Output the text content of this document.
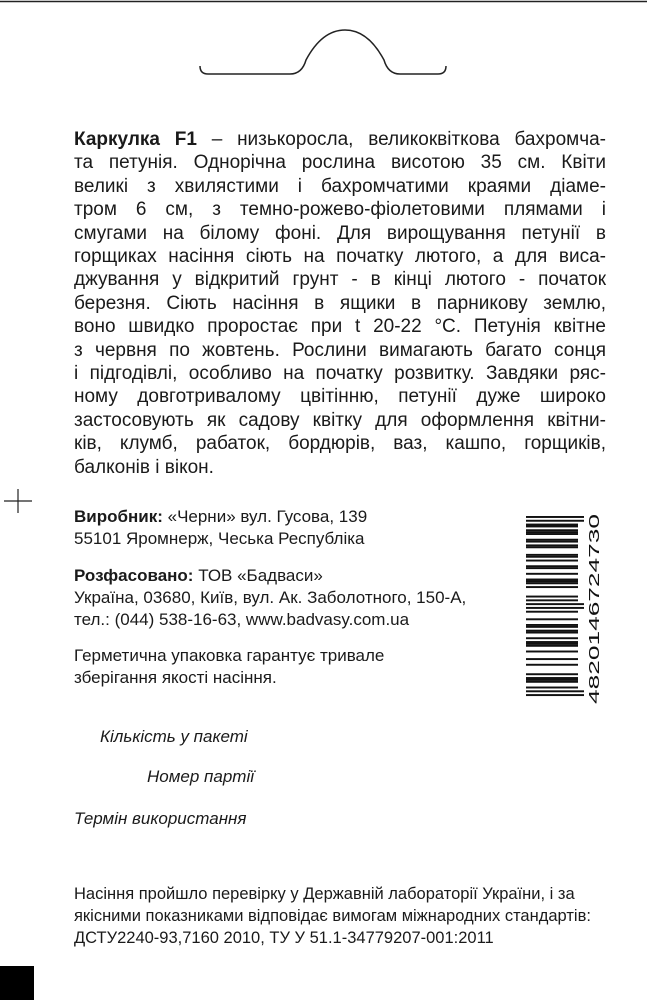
Каркулка F1 – низькоросла, великоквіткова бахромча-
та петунія. Однорічна рослина висотою 35 см. Квіти
великі з хвилястими і бахромчатими краями діаме-
тром 6 см, з темно-рожево-фіолетовими плямами і
смугами на білому фоні. Для вирощування петунії в
горщиках насіння сіють на початку лютого, а для виса-
джування у відкритий грунт - в кінці лютого - початок
березня. Сіють насіння в ящики в парникову землю,
воно швидко проростає при t 20-22 °С. Петунія квітне
з червня по жовтень. Рослини вимагають багато сонця
і підгодівлі, особливо на початку розвитку. Завдяки ряс-
ному довготривалому цвітінню, петунії дуже широко
застосовують як садову квітку для оформлення квітни-
ків, клумб, рабаток, бордюрів, ваз, кашпо, горщиків,
балконів і вікон.
Виробник: «Черни» вул. Гусова, 139
55101 Яромнерж, Чеська Республіка
Розфасовано: ТОВ «Бадваси»
Україна, 03680, Київ, вул. Ак. Заболотного, 150-А,
тел.: (044) 538-16-63, www.badvasy.com.ua
Герметична упаковка гарантує тривале
зберігання якості насіння.	4820146724730
Кількість у пакеті
Номер партії
Термін використання
Насіння пройшло перевірку у Державній лабораторії України, і за
якісними показниками відповідає вимогам міжнародних стандартів:
ДСТУ2240-93,7160 2010, ТУ У 51.1-34779207-001:2011
